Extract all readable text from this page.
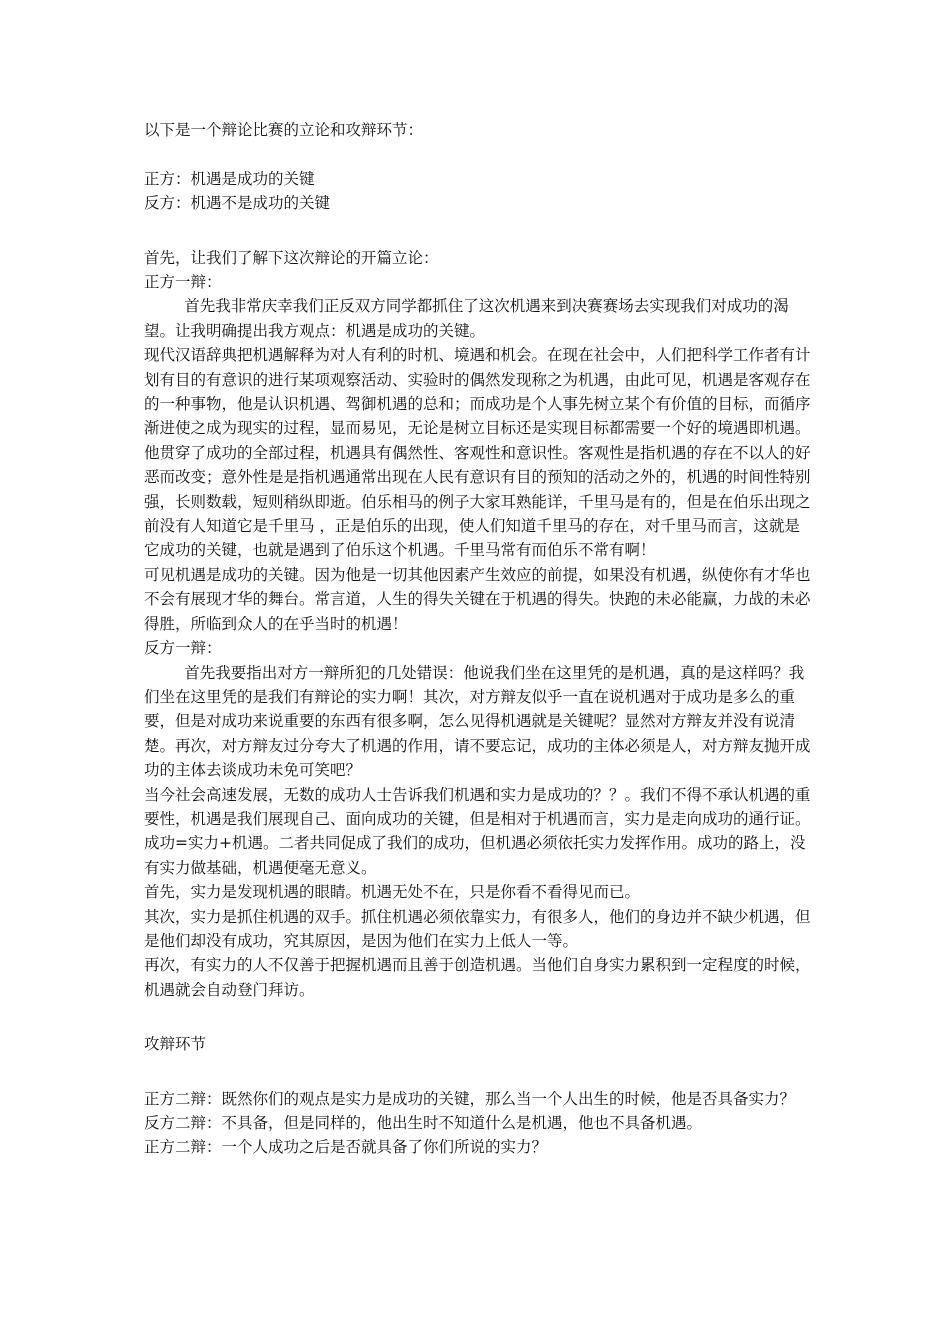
以下是一个辩论比赛的立论和攻辩环节：
正方：机遇是成功的关键
反方：机遇不是成功的关键
首先，让我们了解下这次辩论的开篇立论：
正方一辩：
首先我非常庆幸我们正反双方同学都抓住了这次机遇来到决赛赛场去实现我们对成功的渴望。让我明确提出我方观点：机遇是成功的关键。
现代汉语辞典把机遇解释为对人有利的时机、境遇和机会。在现在社会中，人们把科学工作者有计划有目的有意识的进行某项观察活动、实验时的偶然发现称之为机遇，由此可见，机遇是客观存在的一种事物，他是认识机遇、驾御机遇的总和；而成功是个人事先树立某个有价值的目标，而循序渐进使之成为现实的过程，显而易见，无论是树立目标还是实现目标都需要一个好的境遇即机遇。他贯穿了成功的全部过程，机遇具有偶然性、客观性和意识性。客观性是指机遇的存在不以人的好恶而改变；意外性是是指机遇通常出现在人民有意识有目的预知的活动之外的，机遇的时间性特别强，长则数载，短则稍纵即逝。伯乐相马的例子大家耳熟能详，千里马是有的，但是在伯乐出现之前没有人知道它是千里马 ，正是伯乐的出现，使人们知道千里马的存在，对千里马而言，这就是它成功的关键，也就是遇到了伯乐这个机遇。千里马常有而伯乐不常有啊！
可见机遇是成功的关键。因为他是一切其他因素产生效应的前提，如果没有机遇，纵使你有才华也不会有展现才华的舞台。常言道，人生的得失关键在于机遇的得失。快跑的未必能赢，力战的未必得胜，所临到众人的在乎当时的机遇！
反方一辩：
首先我要指出对方一辩所犯的几处错误：他说我们坐在这里凭的是机遇，真的是这样吗？我们坐在这里凭的是我们有辩论的实力啊！其次，对方辩友似乎一直在说机遇对于成功是多么的重要，但是对成功来说重要的东西有很多啊，怎么见得机遇就是关键呢？显然对方辩友并没有说清楚。再次，对方辩友过分夸大了机遇的作用，请不要忘记，成功的主体必须是人，对方辩友抛开成功的主体去谈成功未免可笑吧？
当今社会高速发展，无数的成功人士告诉我们机遇和实力是成功的？？。我们不得不承认机遇的重要性，机遇是我们展现自己、面向成功的关键，但是相对于机遇而言，实力是走向成功的通行证。成功=实力+机遇。二者共同促成了我们的成功，但机遇必须依托实力发挥作用。成功的路上，没有实力做基础，机遇便毫无意义。
首先，实力是发现机遇的眼睛。机遇无处不在，只是你看不看得见而已。
其次，实力是抓住机遇的双手。抓住机遇必须依靠实力，有很多人，他们的身边并不缺少机遇，但是他们却没有成功，究其原因，是因为他们在实力上低人一等。
再次，有实力的人不仅善于把握机遇而且善于创造机遇。当他们自身实力累积到一定程度的时候，机遇就会自动登门拜访。
攻辩环节
正方二辩：既然你们的观点是实力是成功的关键，那么当一个人出生的时候，他是否具备实力？
反方二辩：不具备，但是同样的，他出生时不知道什么是机遇，他也不具备机遇。
正方二辩：一个人成功之后是否就具备了你们所说的实力？
